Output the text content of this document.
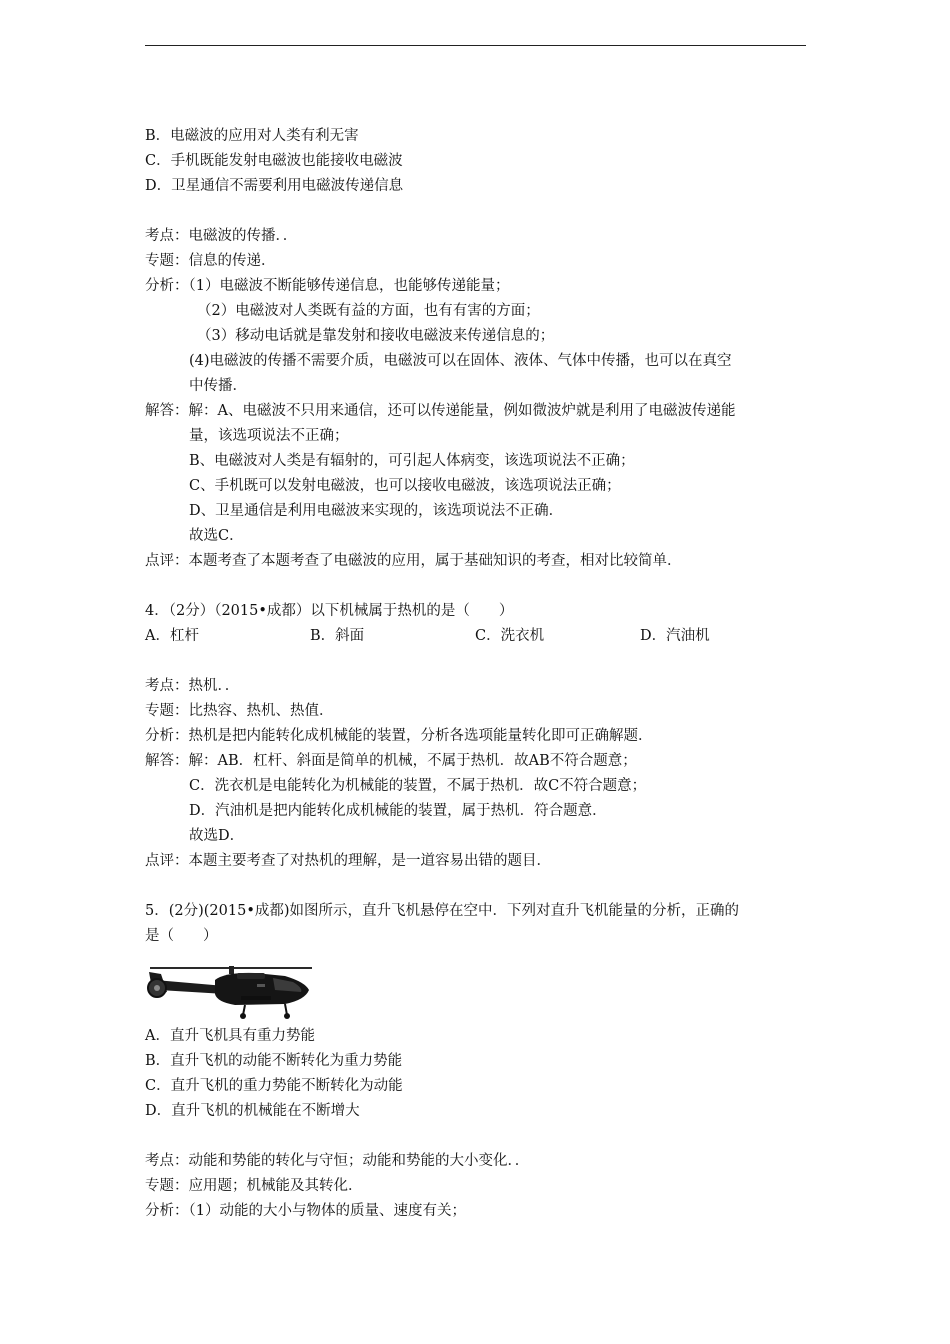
B．电磁波的应用对人类有利无害
C．手机既能发射电磁波也能接收电磁波
D．卫星通信不需要利用电磁波传递信息
考点：电磁波的传播．．
专题：信息的传递．
分析：（1）电磁波不断能够传递信息，也能够传递能量；
（2）电磁波对人类既有益的方面，也有有害的方面；
（3）移动电话就是靠发射和接收电磁波来传递信息的；
(4)电磁波的传播不需要介质，电磁波可以在固体、液体、气体中传播，也可以在真空
中传播．
解答：解：A、电磁波不只用来通信，还可以传递能量，例如微波炉就是利用了电磁波传递能
量，该选项说法不正确；
B、电磁波对人类是有辐射的，可引起人体病变，该选项说法不正确；
C、手机既可以发射电磁波，也可以接收电磁波，该选项说法正确；
D、卫星通信是利用电磁波来实现的，该选项说法不正确．
故选C．
点评：本题考查了本题考查了电磁波的应用，属于基础知识的考查，相对比较简单．
4．（2分）（2015•成都）以下机械属于热机的是（　　）
A．杠杆	B．斜面	C．洗衣机	D．汽油机
考点：热机．．
专题：比热容、热机、热值．
分析：热机是把内能转化成机械能的装置，分析各选项能量转化即可正确解题．
解答：解：AB．杠杆、斜面是简单的机械，不属于热机．故AB不符合题意；
C．洗衣机是电能转化为机械能的装置，不属于热机．故C不符合题意；
D．汽油机是把内能转化成机械能的装置，属于热机．符合题意．
故选D．
点评：本题主要考查了对热机的理解，是一道容易出错的题目．
5．(2分)(2015•成都)如图所示，直升飞机悬停在空中．下列对直升飞机能量的分析，正确的
是（　　）
A．直升飞机具有重力势能
B．直升飞机的动能不断转化为重力势能
C．直升飞机的重力势能不断转化为动能
D．直升飞机的机械能在不断增大
考点：动能和势能的转化与守恒；动能和势能的大小变化．．
专题：应用题；机械能及其转化．
分析：（1）动能的大小与物体的质量、速度有关；
